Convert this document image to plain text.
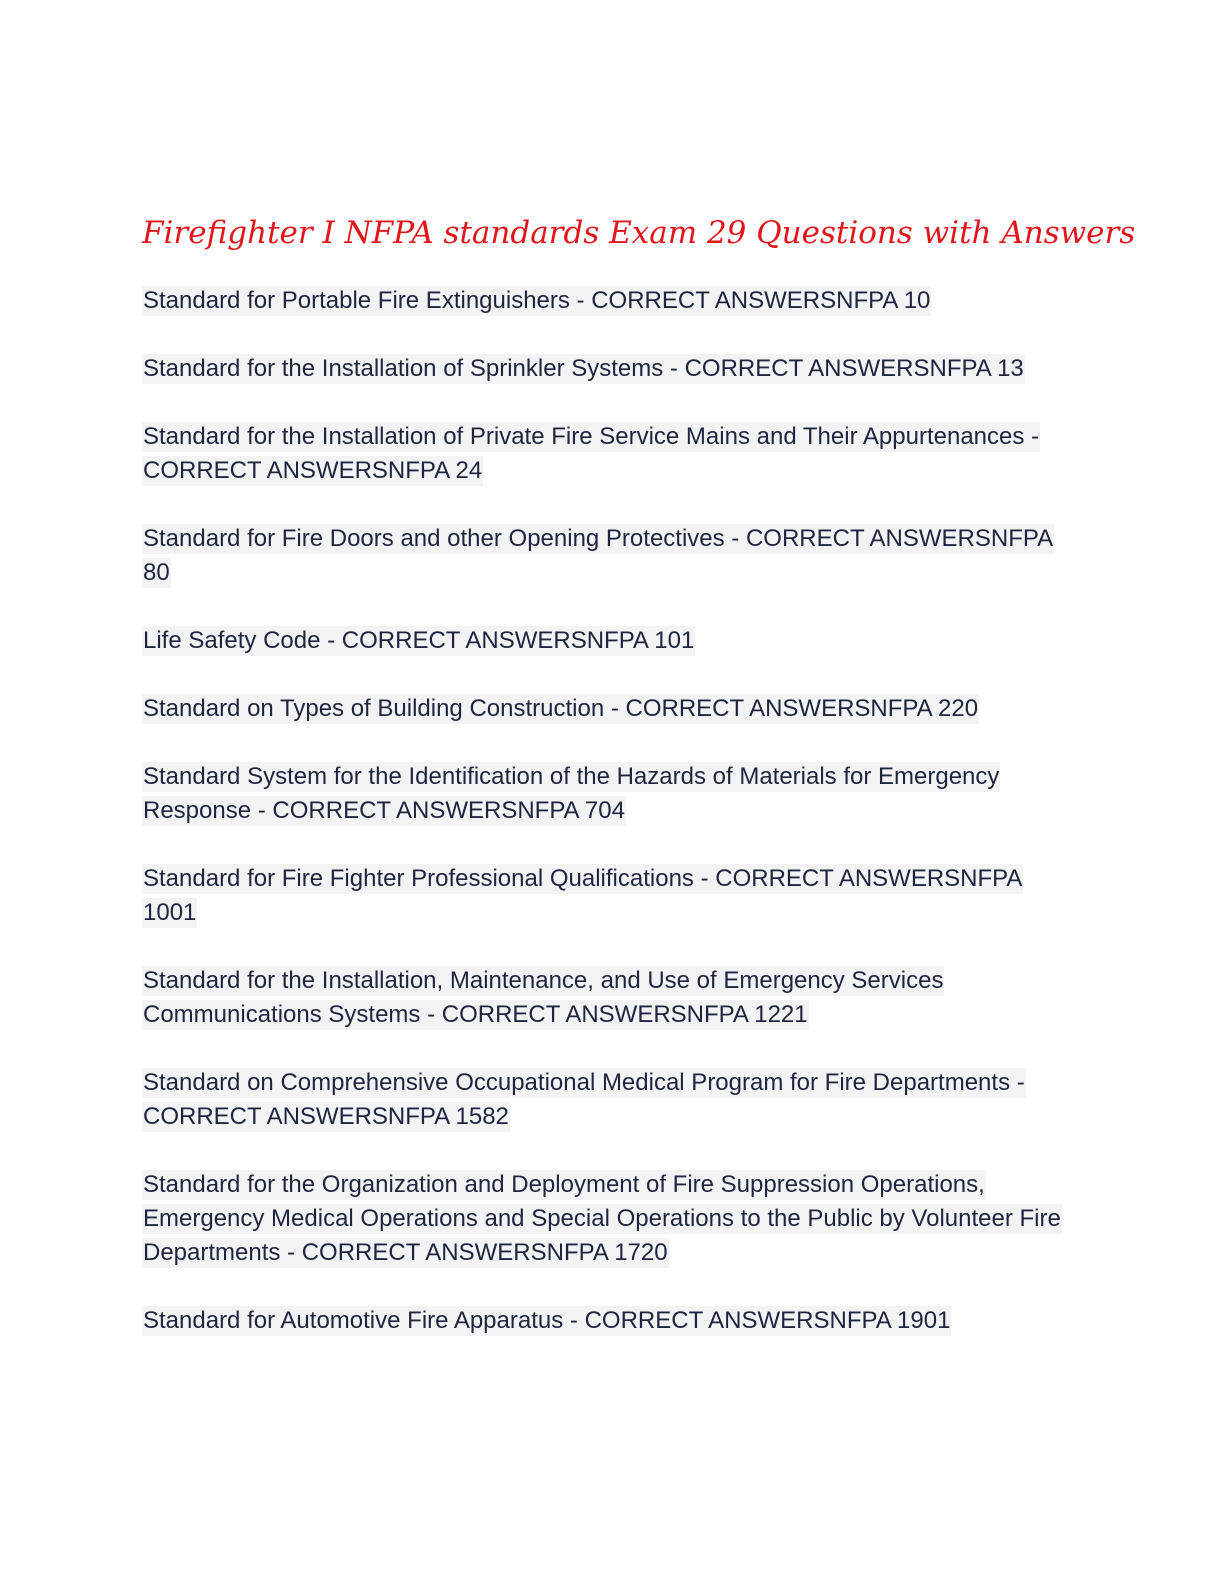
Firefighter I NFPA standards Exam 29 Questions with Answers
Standard for Portable Fire Extinguishers - CORRECT ANSWERSNFPA 10
Standard for the Installation of Sprinkler Systems - CORRECT ANSWERSNFPA 13
Standard for the Installation of Private Fire Service Mains and Their Appurtenances - CORRECT ANSWERSNFPA 24
Standard for Fire Doors and other Opening Protectives - CORRECT ANSWERSNFPA 80
Life Safety Code - CORRECT ANSWERSNFPA 101
Standard on Types of Building Construction - CORRECT ANSWERSNFPA 220
Standard System for the Identification of the Hazards of Materials for Emergency Response - CORRECT ANSWERSNFPA 704
Standard for Fire Fighter Professional Qualifications - CORRECT ANSWERSNFPA 1001
Standard for the Installation, Maintenance, and Use of Emergency Services Communications Systems - CORRECT ANSWERSNFPA 1221
Standard on Comprehensive Occupational Medical Program for Fire Departments - CORRECT ANSWERSNFPA 1582
Standard for the Organization and Deployment of Fire Suppression Operations, Emergency Medical Operations and Special Operations to the Public by Volunteer Fire Departments - CORRECT ANSWERSNFPA 1720
Standard for Automotive Fire Apparatus - CORRECT ANSWERSNFPA 1901
